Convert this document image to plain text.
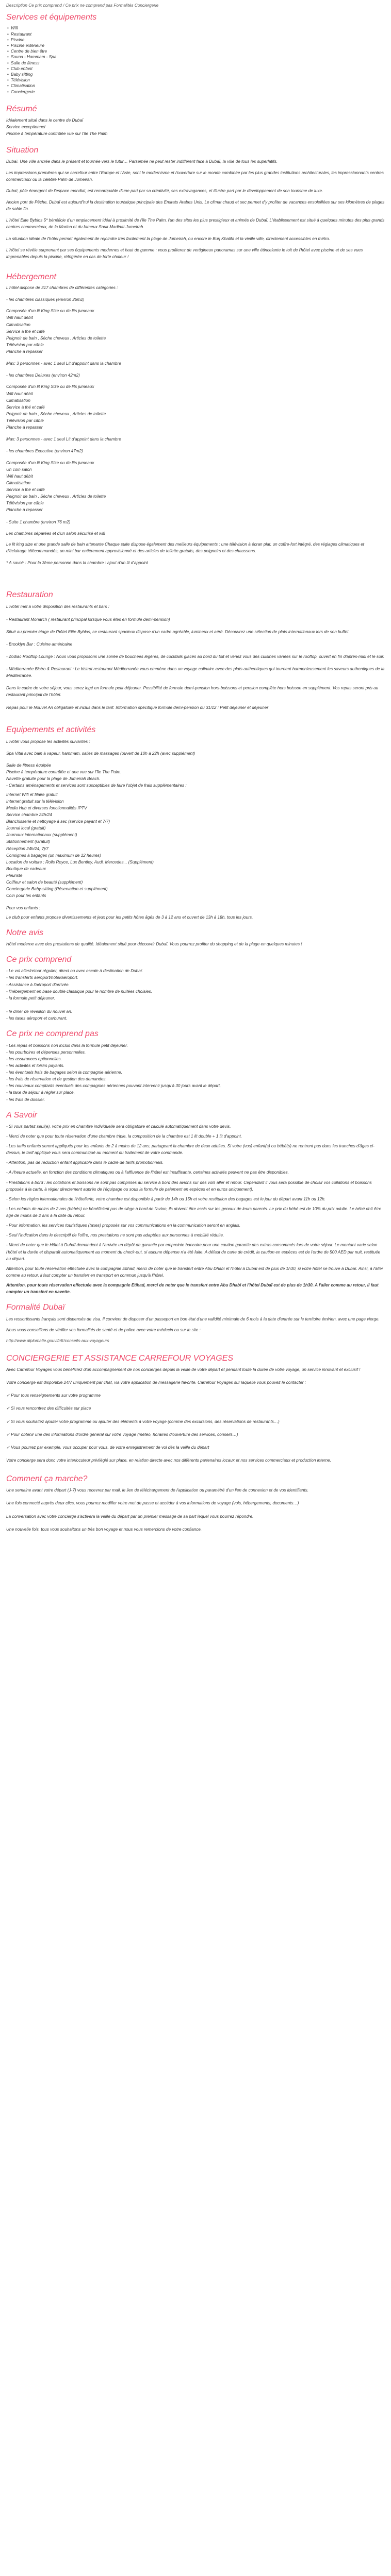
Description Ce prix comprend / Ce prix ne comprend pas Formalités Conciergerie

Services et équipements
• Wifi
• Restaurant
• Piscine
• Piscine extérieure
• Centre de bien être
• Sauna - Hammam - Spa
• Salle de fitness
• Club enfant
• Baby sitting
• Télévision
• Climatisation
• Conciergerie
Résumé

Idéalement situé dans le centre de Dubaï

Service exceptionnel

Piscine à température contrôlée vue sur l'île The Palm

Situation

Dubaï. Une ville ancrée dans le présent et tournée vers le futur… Parsemée ne peut rester indifférent face à Dubaï, la ville de tous les superlatifs.

Les impressions premières qui se carrefour entre l'Europe et l'Asie, sont le modernisme et l'ouverture sur le monde combinée par les plus grandes institutions architecturales, les impressionnants centres commerciaux ou la célèbre Palm de Jumeirah.

Dubaï, pôle émergent de l'espace mondial, est remarquable d'une part par sa créativité, ses extravagances, et illustre part par le développement de son tourisme de luxe.

Ancien port de Pêche, Dubaï est aujourd'hui la destination touristique principale des Emirats Arabes Unis. Le climat chaud et sec permet d'y profiter de vacances ensoleillées sur ses kilomètres de plages de sable fin.

L'Hôtel Elite Byblos 5* bénéficie d'un emplacement idéal à proximité de l'île The Palm, l'un des sites les plus prestigieux et animés de Dubaï. L'établissement est situé à quelques minutes des plus grands centres commerciaux, de la Marina et du fameux Souk Madinat Jumeirah.

La situation idéale de l'hôtel permet également de rejoindre très facilement la plage de Jumeirah, ou encore le Burj Khalifa et la vieille ville, directement accessibles en métro.

L'Hôtel se révèle surprenant par ses équipements modernes et haut de gamme : vous profiterez de vertigineux panoramas sur une ville étincelante le toit de l'hôtel avec piscine et de ses vues imprenables depuis la piscine, réfrigérée en cas de forte chaleur !

Hébergement

L'hôtel dispose de 317 chambres de différentes catégories :

- les chambres classiques (environ 26m2)

Composée d'un lit King Size ou de lits jumeaux

Wifi haut débit

Climatisation

Service à thé et café

Peignoir de bain , Sèche cheveux , Articles de toilette

Télévision par câble

Planche à repasser

Max: 3 personnes - avec 1 seul Lit d'appoint dans la chambre

- les chambres Deluxes (environ 42m2)

Composée d'un lit King Size ou de lits jumeaux

Wifi haut débit

Climatisation

Service à thé et café

Peignoir de bain , Sèche cheveux , Articles de toilette

Télévision par câble

Planche à repasser

Max: 3 personnes - avec 1 seul Lit d'appoint dans la chambre

- les chambres Executive (environ 47m2)

Composée d'un lit King Size ou de lits jumeaux

Un coin salon

Wifi haut débit

Climatisation

Service à thé et café

Peignoir de bain , Sèche cheveux , Articles de toilette

Télévision par câble

Planche à repasser

- Suite 1 chambre (environ 76 m2)

Les chambres séparées et d'un salon sécurisé et wifi

Le lit king size et une grande salle de bain attenante Chaque suite dispose également des meilleurs équipements : une télévision à écran plat, un coffre-fort intégré, des réglages climatiques et d'éclairage télécommandés, un mini bar entièrement approvisionné et des articles de toilette gratuits, des peignoirs et des chaussons.

* A savoir : Pour la 3ème personne dans la chambre : ajout d'un lit d'appoint

Restauration

L'Hôtel met à votre disposition des restaurants et bars :

- Restaurant Monarch ( restaurant principal lorsque vous êtes en formule demi-pension)

Situé au premier étage de l'hôtel Elite Byblos, ce restaurant spacieux dispose d'un cadre agréable, lumineux et aéré. Découvrez une sélection de plats internationaux lors de son buffet.

- Brooklyn Bar : Cuisine américaine

- Zodiac Rooftop Lounge : Nous vous proposons une soirée de bouchées légères, de cocktails glacés au bord du toit et venez vous des cuisines variées sur le rooftop, ouvert en fin d'après-midi et le soir.

- Méditerranée Bistro & Restaurant : Le bistrot restaurant Méditerranée vous emmène dans un voyage culinaire avec des plats authentiques qui tournent harmonieusement les saveurs authentiques de la Méditerranée.

Dans le cadre de votre séjour, vous serez logé en formule petit déjeuner. Possibilité de formule demi-pension hors-boissons et pension complète hors boisson en supplément. Vos repas seront pris au restaurant principal de l'hôtel.

Repas pour le Nouvel An obligatoire et inclus dans le tarif. Information spécifique formule demi-pension du 31/12 : Petit déjeuner et déjeuner

Equipements et activités

L'Hôtel vous propose les activités suivantes :

Spa Vital avec bain à vapeur, hammam, salles de massages (ouvert de 10h à 22h (avec supplément)

Salle de fitness équipée

Piscine à température contrôlée et une vue sur l'île The Palm.

Navette gratuite pour la plage de Jumeirah Beach.

- Certains aménagements et services sont susceptibles de faire l'objet de frais supplémentaires :

Internet Wifi et filaire gratuit

Internet gratuit sur la télévision

Media Hub et diverses fonctionnalités IPTV

Service chambre 24h/24

Blanchisserie et nettoyage à sec (service payant et 7/7)

Journal local (gratuit)

Journaux internationaux (supplément)

Stationnement (Gratuit)

Réception 24h/24, 7j/7

Consignes à bagages (un maximum de 12 heures)

Location de voiture : Rolls Royce, Lux Bentley, Audi, Mercedes... (Supplément)

Boutique de cadeaux

Fleuriste

Coiffeur et salon de beauté (supplément)

Conciergerie Baby-sitting (Réservation et supplément)

Coin pour les enfants

Pour vos enfants :

Le club pour enfants propose divertissements et jeux pour les petits hôtes âgés de 3 à 12 ans et ouvert de 13h à 18h, tous les jours.

Notre avis

Hôtel moderne avec des prestations de qualité. Idéalement situé pour découvrir Dubaï. Vous pourrez profiter du shopping et de la plage en quelques minutes !

Ce prix comprend

- Le vol aller/retour régulier, direct ou avec escale à destination de Dubaï.

- les transferts aéroport/hôtel/aéroport.

- Assistance à l'aéroport d'arrivée.

- l'hébergement en base double classique pour le nombre de nuitées choisies.

- la formule petit déjeuner.

- le dîner de réveillon du nouvel an.

- les taxes aéroport et carburant.

Ce prix ne comprend pas

- Les repas et boissons non inclus dans la formule petit déjeuner.

- les pourboires et dépenses personnelles.

- les assurances optionnelles.

- les activités et loisirs payants.

- les éventuels frais de bagages selon la compagnie aérienne.

- les frais de réservation et de gestion des demandes.

- les nouveaux comptants éventuels des compagnies aériennes pouvant intervenir jusqu'à 30 jours avant le départ,

- la taxe de séjour à régler sur place,

- les frais de dossier.

A Savoir

- Si vous partez seul(e), votre prix en chambre individuelle sera obligatoire et calculé automatiquement dans votre devis.

- Merci de noter que pour toute réservation d'une chambre triple, la composition de la chambre est 1 lit double + 1 lit d'appoint.

- Les tarifs enfants seront appliqués pour les enfants de 2 à moins de 12 ans, partageant la chambre de deux adultes. Si votre (vos) enfant(s) ou bébé(s) ne rentrent pas dans les tranches d'âges ci-dessus, le tarif appliqué vous sera communiqué au moment du traitement de votre commande.

- Attention, pas de réduction enfant applicable dans le cadre de tarifs promotionnels.

- A l'heure actuelle, en fonction des conditions climatiques ou à l'affluence de l'hôtel est insuffisante, certaines activités peuvent ne pas être disponibles.

- Prestations à bord : les collations et boissons ne sont pas comprises au service à bord des avions sur des vols aller et retour. Cependant il vous sera possible de choisir vos collations et boissons proposés à la carte, à régler directement auprès de l'équipage ou sous la formule de paiement en espèces et en euros uniquement).

- Selon les règles internationales de l'hôtellerie, votre chambre est disponible à partir de 14h ou 15h et votre restitution des bagages est le jour du départ avant 11h ou 12h.

- Les enfants de moins de 2 ans (bébés) ne bénéficient pas de siège à bord de l'avion, ils doivent être assis sur les genoux de leurs parents. Le prix du bébé est de 10% du prix adulte. Le bébé doit être âgé de moins de 2 ans à la date du retour.

- Pour information, les services touristiques (taxes) proposés sur vos communications en la communication seront en anglais.

- Seul l'indication dans le descriptif de l'offre, nos prestations ne sont pas adaptées aux personnes à mobilité réduite.

- Merci de noter que le Hôtel à Dubaï demandent à l'arrivée un dépôt de garantie par empreinte bancaire pour une caution garantie des extras consommés lors de votre séjour. Le montant varie selon l'hôtel et la durée et disparaît automatiquement au moment du check-out, si aucune dépense n'a été faite. A défaut de carte de crédit, la caution en espèces est de l'ordre de 500 AED par nuit, restituée au départ.

Attention, pour toute réservation effectuée avec la compagnie Etihad, merci de noter que le transfert entre Abu Dhabi et l'hôtel à Dubaï est de plus de 1h30, si votre hôtel se trouve à Dubaï. Ainsi, à l'aller comme au retour, il faut compter un transfert en transport en commun jusqu'à l'hôtel.

Attention, pour toute réservation effectuée avec la compagnie Etihad, merci de noter que le transfert entre Abu Dhabi et l'hôtel Dubaï est de plus de 1h30. A l'aller comme au retour, il faut compter un transfert en navette.

Formalité Dubaï

Les ressortissants français sont dispensés de visa. Il convient de disposer d'un passeport en bon état d'une validité minimale de 6 mois à la date d'entrée sur le territoire émirien, avec une page vierge.

Nous vous conseillons de vérifier vos formalités de santé et de police avec votre médecin ou sur le site :

http://www.diplomatie.gouv.fr/fr/conseils-aux-voyageurs

CONCIERGERIE ET ASSISTANCE CARREFOUR VOYAGES

Avec Carrefour Voyages vous bénéficiez d'un accompagnement de nos concierges depuis la veille de votre départ et pendant toute la durée de votre voyage, un service innovant et exclusif !

Votre concierge est disponible 24/7 uniquement par chat, via votre application de messagerie favorite. Carrefour Voyages sur laquelle vous pouvez le contacter :

✓ Pour tous renseignements sur votre programme

✓ Si vous rencontrez des difficultés sur place

✓ Si vous souhaitez ajouter votre programme ou ajouter des éléments à votre voyage (comme des excursions, des réservations de restaurants…)

✓ Pour obtenir une des informations d'ordre général sur votre voyage (météo, horaires d'ouverture des services, conseils…)

✓ Vous pourrez par exemple, vous occuper pour vous, de votre enregistrement de vol dès la veille du départ

Votre concierge sera donc votre interlocuteur privilégié sur place, en relation directe avec nos différents partenaires locaux et nos services commerciaux et production interne.

Comment ça marche?

Une semaine avant votre départ (J-7) vous recevrez par mail, le lien de téléchargement de l'application ou paramétré d'un lien de connexion et de vos identifiants.

Une fois connecté auprès deux clics, vous pourrez modifier votre mot de passe et accéder à vos informations de voyage (vols, hébergements, documents…)

La conversation avec votre concierge s'activera la veille du départ par un premier message de sa part lequel vous pourrez répondre.

Une nouvelle fois, tous vous souhaitons un très bon voyage et nous vous remercions de votre confiance.
